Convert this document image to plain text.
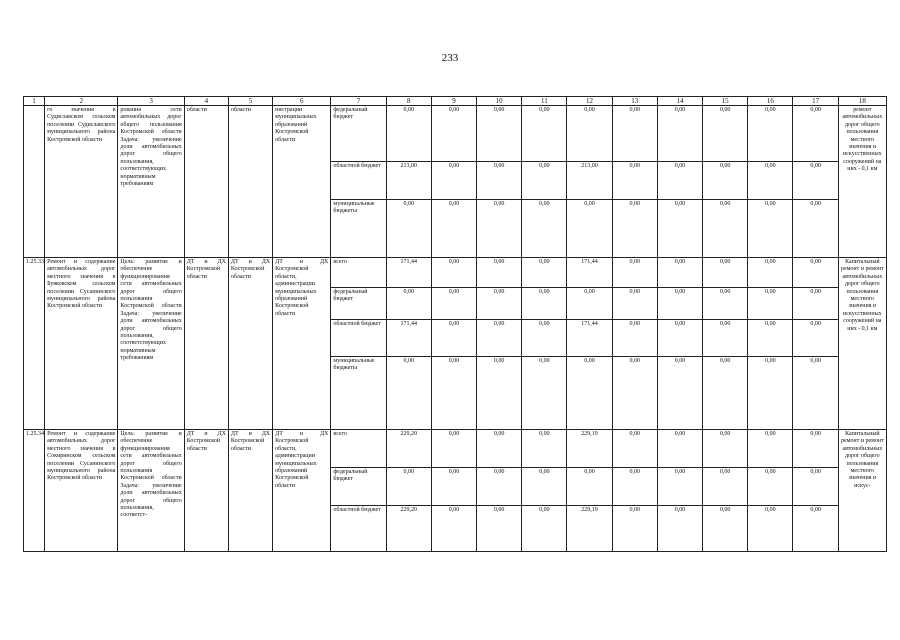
233
1	2	3	4	5	6	7	8	9	10	11	12	13	14	15	16	17	18
	го значения в Судиславском сельском поселении Судиславского муниципального района Костромской области	рования сети автомобильных дорог общего пользования Костромской области Задача: увеличение доли автомобильных дорог общего пользования, соответствующих нормативным требованиям	области	области	нистрации муниципальных образований Костромской области	федеральный бюджет	0,00	0,00	0,00	0,00	0,00	0,00	0,00	0,00	0,00	0,00	ремонт автомобильных дорог общего пользования местного значения и искусственных сооружений на них - 0,1 км
						областной бюджет	213,00	0,00	0,00	0,00	213,00	0,00	0,00	0,00	0,00	0,00	
						муниципальные бюджеты	0,00	0,00	0,00	0,00	0,00	0,00	0,00	0,00	0,00	0,00	
1.25.33	Ремонт и содержание автомобильных дорог местного значения в Буяковском сельском поселении Сусанинского муниципального района Костромской области	Цель: развитие и обеспечение функционирования сети автомобильных дорог общего пользования Костромской области Задача: увеличение доли автомобильных дорог общего пользования, соответствующих нормативным требованиям	ДТ и ДХ Костромской области	ДТ и ДХ Костромской области	ДТ и ДХ Костромской области, администрации муниципальных образований Костромской области	всего	171,44	0,00	0,00	0,00	171,44	0,00	0,00	0,00	0,00	0,00	Капитальный ремонт и ремонт автомобильных дорог общего пользования местного значения и искусственных сооружений на них - 0,1 км
						федеральный бюджет	0,00	0,00	0,00	0,00	0,00	0,00	0,00	0,00	0,00	0,00	
						областной бюджет	171,44	0,00	0,00	0,00	171,44	0,00	0,00	0,00	0,00	0,00	
						муниципальные бюджеты	0,00	0,00	0,00	0,00	0,00	0,00	0,00	0,00	0,00	0,00	
1.25.34	Ремонт и содержание автомобильных дорог местного значения в Сокиринском сельском поселении Сусанинского муниципального района Костромской области	Цель: развитие и обеспечение функционирования сети автомобильных дорог общего пользования Костромской области Задача: увеличение доли автомобильных дорог общего пользования, соответст-	ДТ и ДХ Костромской области	ДТ и ДХ Костромской области	ДТ и ДХ Костромской области, администрации муниципальных образований Костромской области	всего	229,20	0,00	0,00	0,00	229,19	0,00	0,00	0,00	0,00	0,00	Капитальный ремонт и ремонт автомобильных дорог общего пользования местного значения и искус-
						федеральный бюджет	0,00	0,00	0,00	0,00	0,00	0,00	0,00	0,00	0,00	0,00	
						областной бюджет	229,20	0,00	0,00	0,00	229,19	0,00	0,00	0,00	0,00	0,00	
